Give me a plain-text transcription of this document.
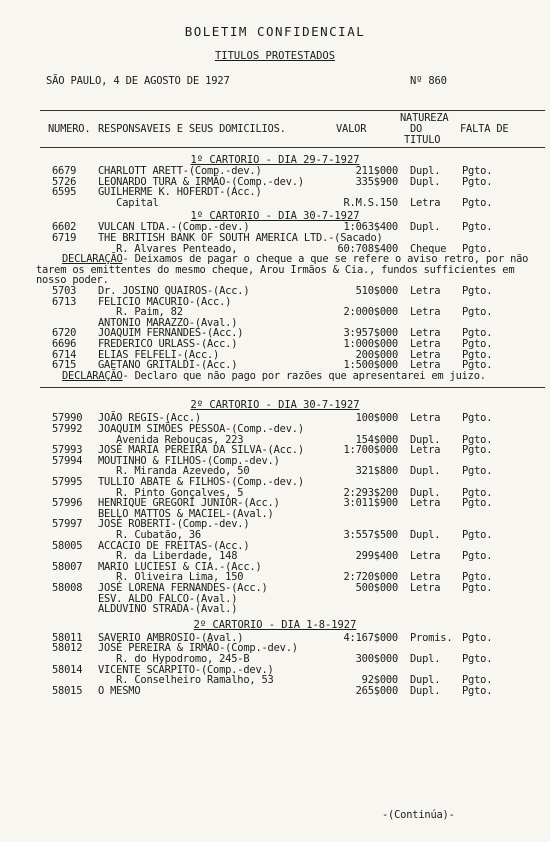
BOLETIM CONFIDENCIAL
TITULOS PROTESTADOS
SÃO PAULO, 4 DE AGOSTO DE 1927	Nº 860
NATUREZA
NUMERO. RESPONSAVEIS E SEUS DOMICILIOS.	VALOR	DO	FALTA DE
TITULO
1º CARTORIO - DIA 29-7-1927
6679 CHARLOTT ARETT-(Comp.-dev.)	211$000 Dupl. Pgto.
5726 LEONARDO TURA & IRMÃO-(Comp.-dev.)	335$900 Dupl. Pgto.
6595 GUILHERME K. HOFERDT-(Acc.)
Capital	R.M.S.150 Letra Pgto.
1º CARTORIO - DIA 30-7-1927
6602 VULCAN LTDA.-(Comp.-dev.)	1:063$400 Dupl. Pgto.
6719 THE BRITISH BANK OF SOUTH AMERICA LTD.-(Sacado)
R. Alvares Penteado,	60:708$400 Cheque Pgto.
DECLARAÇÃO - Deixamos de pagar o cheque a que se refere o aviso retro, por não
tarem os emittentes do mesmo cheque, Arou Irmãos & Cia., fundos sufficientes em
nosso poder.
5703 Dr. JOSINO QUAIROS-(Acc.)	510$000 Letra Pgto.
6713 FELICIO MACURIO-(Acc.)
R. Paim, 82	2:000$000 Letra Pgto.
ANTONIO MARAZZO-(Aval.)
6720 JOAQUIM FERNANDES-(Acc.)	3:957$000 Letra Pgto.
6696 FREDERICO URLASS-(Acc.)	1:000$000 Letra Pgto.
6714 ELIAS FELFELI-(Acc.)	200$000 Letra Pgto.
6715 GAETANO GRITALDI-(Acc.)	1:500$000 Letra Pgto.
DECLARAÇÃO - Declaro que não pago por razões que apresentarei em juizo.
2º CARTORIO - DIA 30-7-1927
57990 JOÃO REGIS-(Acc.)	100$000 Letra Pgto.
57992 JOAQUIM SIMÕES PESSOA-(Comp.-dev.)
Avenida Rebouças, 223	154$000 Dupl. Pgto.
57993 JOSÉ MARIA PEREIRA DA SILVA-(Acc.)	1:700$000 Letra Pgto.
57994 MOUTINHO & FILHOS-(Comp.-dev.)
R. Miranda Azevedo, 50	321$800 Dupl. Pgto.
57995 TULLIO ABATE & FILHOS-(Comp.-dev.)
R. Pinto Gonçalves, 5	2:293$200 Dupl. Pgto.
57996 HENRIQUE GREGORI JUNIOR-(Acc.)	3:011$900 Letra Pgto.
BELLO MATTOS & MACIEL-(Aval.)
57997 JOSÉ ROBERTI-(Comp.-dev.)
R. Cubatão, 36	3:557$500 Dupl. Pgto.
58005 ACCACIO DE FREITAS-(Acc.)
R. da Liberdade, 148	299$400 Letra Pgto.
58007 MARIO LUCIESI & CIA.-(Acc.)
R. Oliveira Lima, 150	2:720$000 Letra Pgto.
58008 JOSÉ LORENA FERNANDES-(Acc.)	500$000 Letra Pgto.
ESV. ALDO FALCO-(Aval.)
ALDUVINO STRADA-(Aval.)
2º CARTORIO - DIA 1-8-1927
58011 SAVERIO AMBROSIO-(Aval.)	4:167$000 Promis. Pgto.
58012 JOSÉ PEREIRA & IRMÃO-(Comp.-dev.)
R. do Hypodromo, 245-B	300$000 Dupl. Pgto.
58014 VICENTE SCARPITO-(Comp.-dev.)
R. Conselheiro Ramalho, 53	92$000 Dupl. Pgto.
58015 O MESMO	265$000 Dupl. Pgto.
-(Continúa)-
